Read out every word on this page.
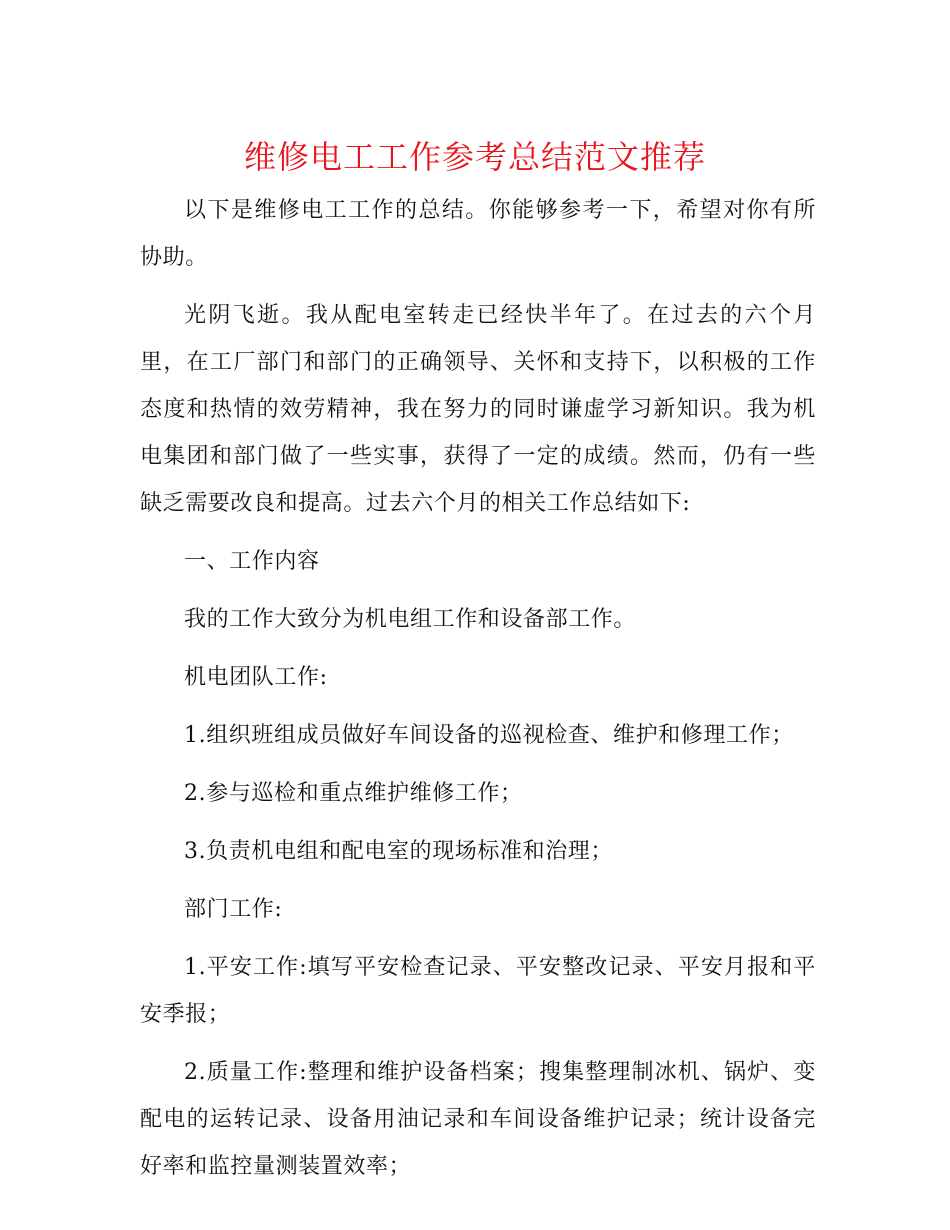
维修电工工作参考总结范文推荐

以下是维修电工工作的总结。你能够参考一下，希望对你有所协助。

光阴飞逝。我从配电室转走已经快半年了。在过去的六个月里，在工厂部门和部门的正确领导、关怀和支持下，以积极的工作态度和热情的效劳精神，我在努力的同时谦虚学习新知识。我为机电集团和部门做了一些实事，获得了一定的成绩。然而，仍有一些缺乏需要改良和提高。过去六个月的相关工作总结如下:

一、工作内容

我的工作大致分为机电组工作和设备部工作。

机电团队工作:

1.组织班组成员做好车间设备的巡视检查、维护和修理工作；

2.参与巡检和重点维护维修工作；

3.负责机电组和配电室的现场标准和治理；

部门工作:

1.平安工作:填写平安检查记录、平安整改记录、平安月报和平安季报；

2.质量工作:整理和维护设备档案；搜集整理制冰机、锅炉、变配电的运转记录、设备用油记录和车间设备维护记录；统计设备完好率和监控量测装置效率；
